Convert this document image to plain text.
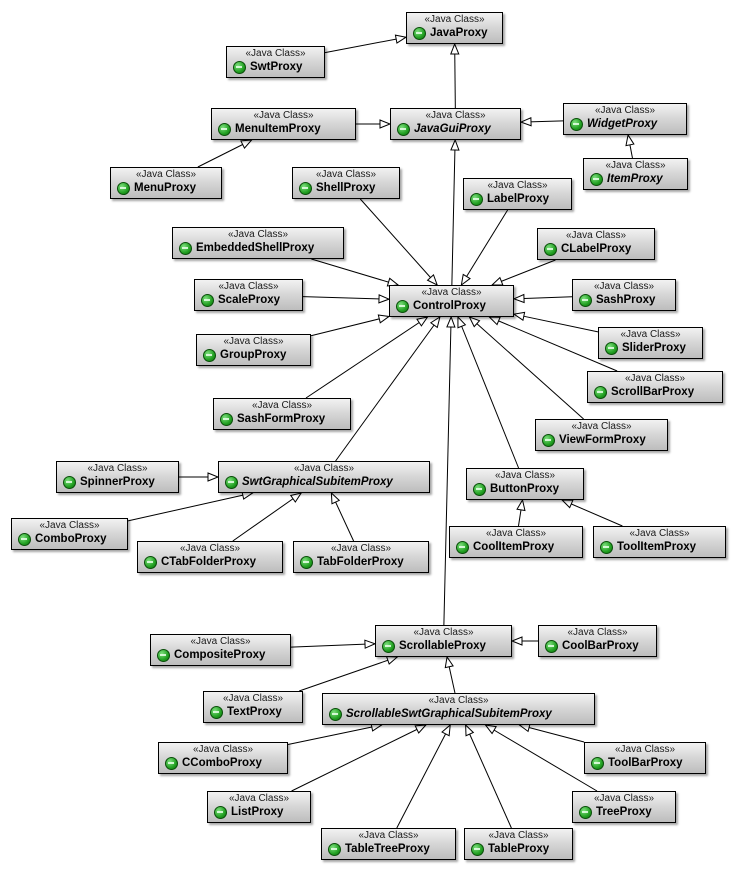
«Java Class»
JavaProxy
«Java Class»
SwtProxy
«Java Class»
MenuItemProxy
«Java Class»
JavaGuiProxy
«Java Class»
WidgetProxy
«Java Class»
MenuProxy
«Java Class»
ShellProxy	«Java Class»
LabelProxy
«Java Class»
ItemProxy
«Java Class»
EmbeddedShellProxy
«Java Class»
CLabelProxy
«Java Class»
ScaleProxy
«Java Class»
ControlProxy
«Java Class»
SashProxy
«Java Class»
GroupProxy
«Java Class»
SliderProxy
«Java Class»
ScrollBarProxy
«Java Class»
SashFormProxy
«Java Class»
ViewFormProxy
«Java Class»
SwtGraphicalSubitemProxy
«Java Class»
SpinnerProxy
«Java Class»
ButtonProxy
«Java Class»
ComboProxy	«Java Class»
CoolItemProxy
«Java Class»
ToolItemProxy
«Java Class»
CTabFolderProxy
«Java Class»
TabFolderProxy
«Java Class»
ScrollableProxy
«Java Class»
CompositeProxy
«Java Class»
CoolBarProxy
«Java Class»
ScrollableSwtGraphicalSubitemProxy
«Java Class»
TextProxy
«Java Class»
CComboProxy
«Java Class»
ToolBarProxy
«Java Class»
ListProxy
«Java Class»
TreeProxy
«Java Class»
TableTreeProxy
«Java Class»
TableProxy
